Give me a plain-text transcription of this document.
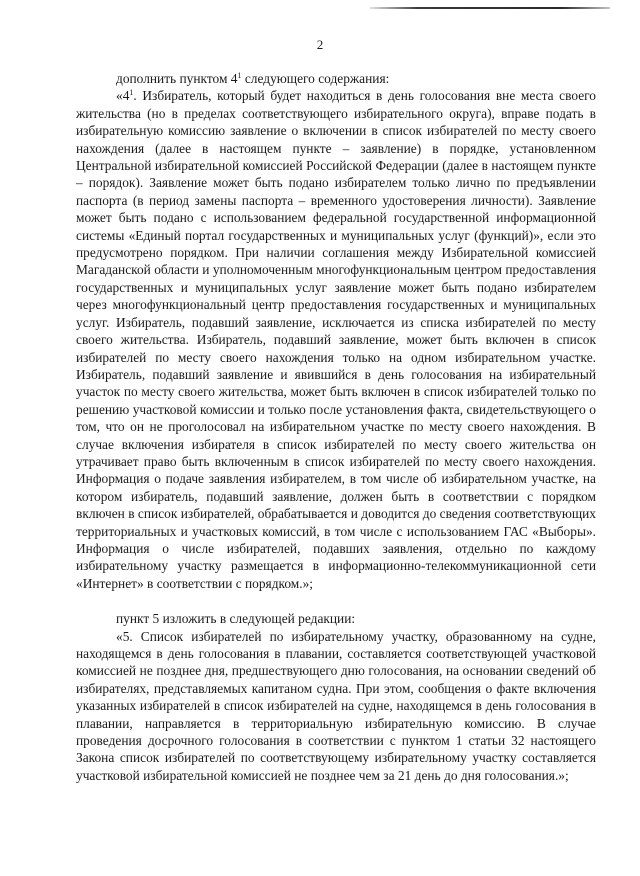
2

дополнить пунктом $4^1$ следующего содержания:

«$4^1$. Избиратель, который будет находиться в день голосования вне места своего жительства (но в пределах соответствующего избирательного округа), вправе подать в избирательную комиссию заявление о включении в список избирателей по месту своего нахождения (далее в настоящем пункте – заявление) в порядке, установленном Центральной избирательной комиссией Российской Федерации (далее в настоящем пункте – порядок). Заявление может быть подано избирателем только лично по предъявлении паспорта (в период замены паспорта – временного удостоверения личности). Заявление может быть подано с использованием федеральной государственной информационной системы «Единый портал государственных и муниципальных услуг (функций)», если это предусмотрено порядком. При наличии соглашения между Избирательной комиссией Магаданской области и уполномоченным многофункциональным центром предоставления государственных и муниципальных услуг заявление может быть подано избирателем через многофункциональный центр предоставления государственных и муниципальных услуг. Избиратель, подавший заявление, исключается из списка избирателей по месту своего жительства. Избиратель, подавший заявление, может быть включен в список избирателей по месту своего нахождения только на одном избирательном участке. Избиратель, подавший заявление и явившийся в день голосования на избирательный участок по месту своего жительства, может быть включен в список избирателей только по решению участковой комиссии и только после установления факта, свидетельствующего о том, что он не проголосовал на избирательном участке по месту своего нахождения. В случае включения избирателя в список избирателей по месту своего жительства он утрачивает право быть включенным в список избирателей по месту своего нахождения. Информация о подаче заявления избирателем, в том числе об избирательном участке, на котором избиратель, подавший заявление, должен быть в соответствии с порядком включен в список избирателей, обрабатывается и доводится до сведения соответствующих территориальных и участковых комиссий, в том числе с использованием ГАС «Выборы». Информация о числе избирателей, подавших заявления, отдельно по каждому избирательному участку размещается в информационно-телекоммуникационной сети «Интернет» в соответствии с порядком.»;

пункт 5 изложить в следующей редакции:

«5. Список избирателей по избирательному участку, образованному на судне, находящемся в день голосования в плавании, составляется соответствующей участковой комиссией не позднее дня, предшествующего дню голосования, на основании сведений об избирателях, представляемых капитаном судна. При этом, сообщения о факте включения указанных избирателей в список избирателей на судне, находящемся в день голосования в плавании, направляется в территориальную избирательную комиссию. В случае проведения досрочного голосования в соответствии с пунктом 1 статьи 32 настоящего Закона список избирателей по соответствующему избирательному участку составляется участковой избирательной комиссией не позднее чем за 21 день до дня голосования.»;
